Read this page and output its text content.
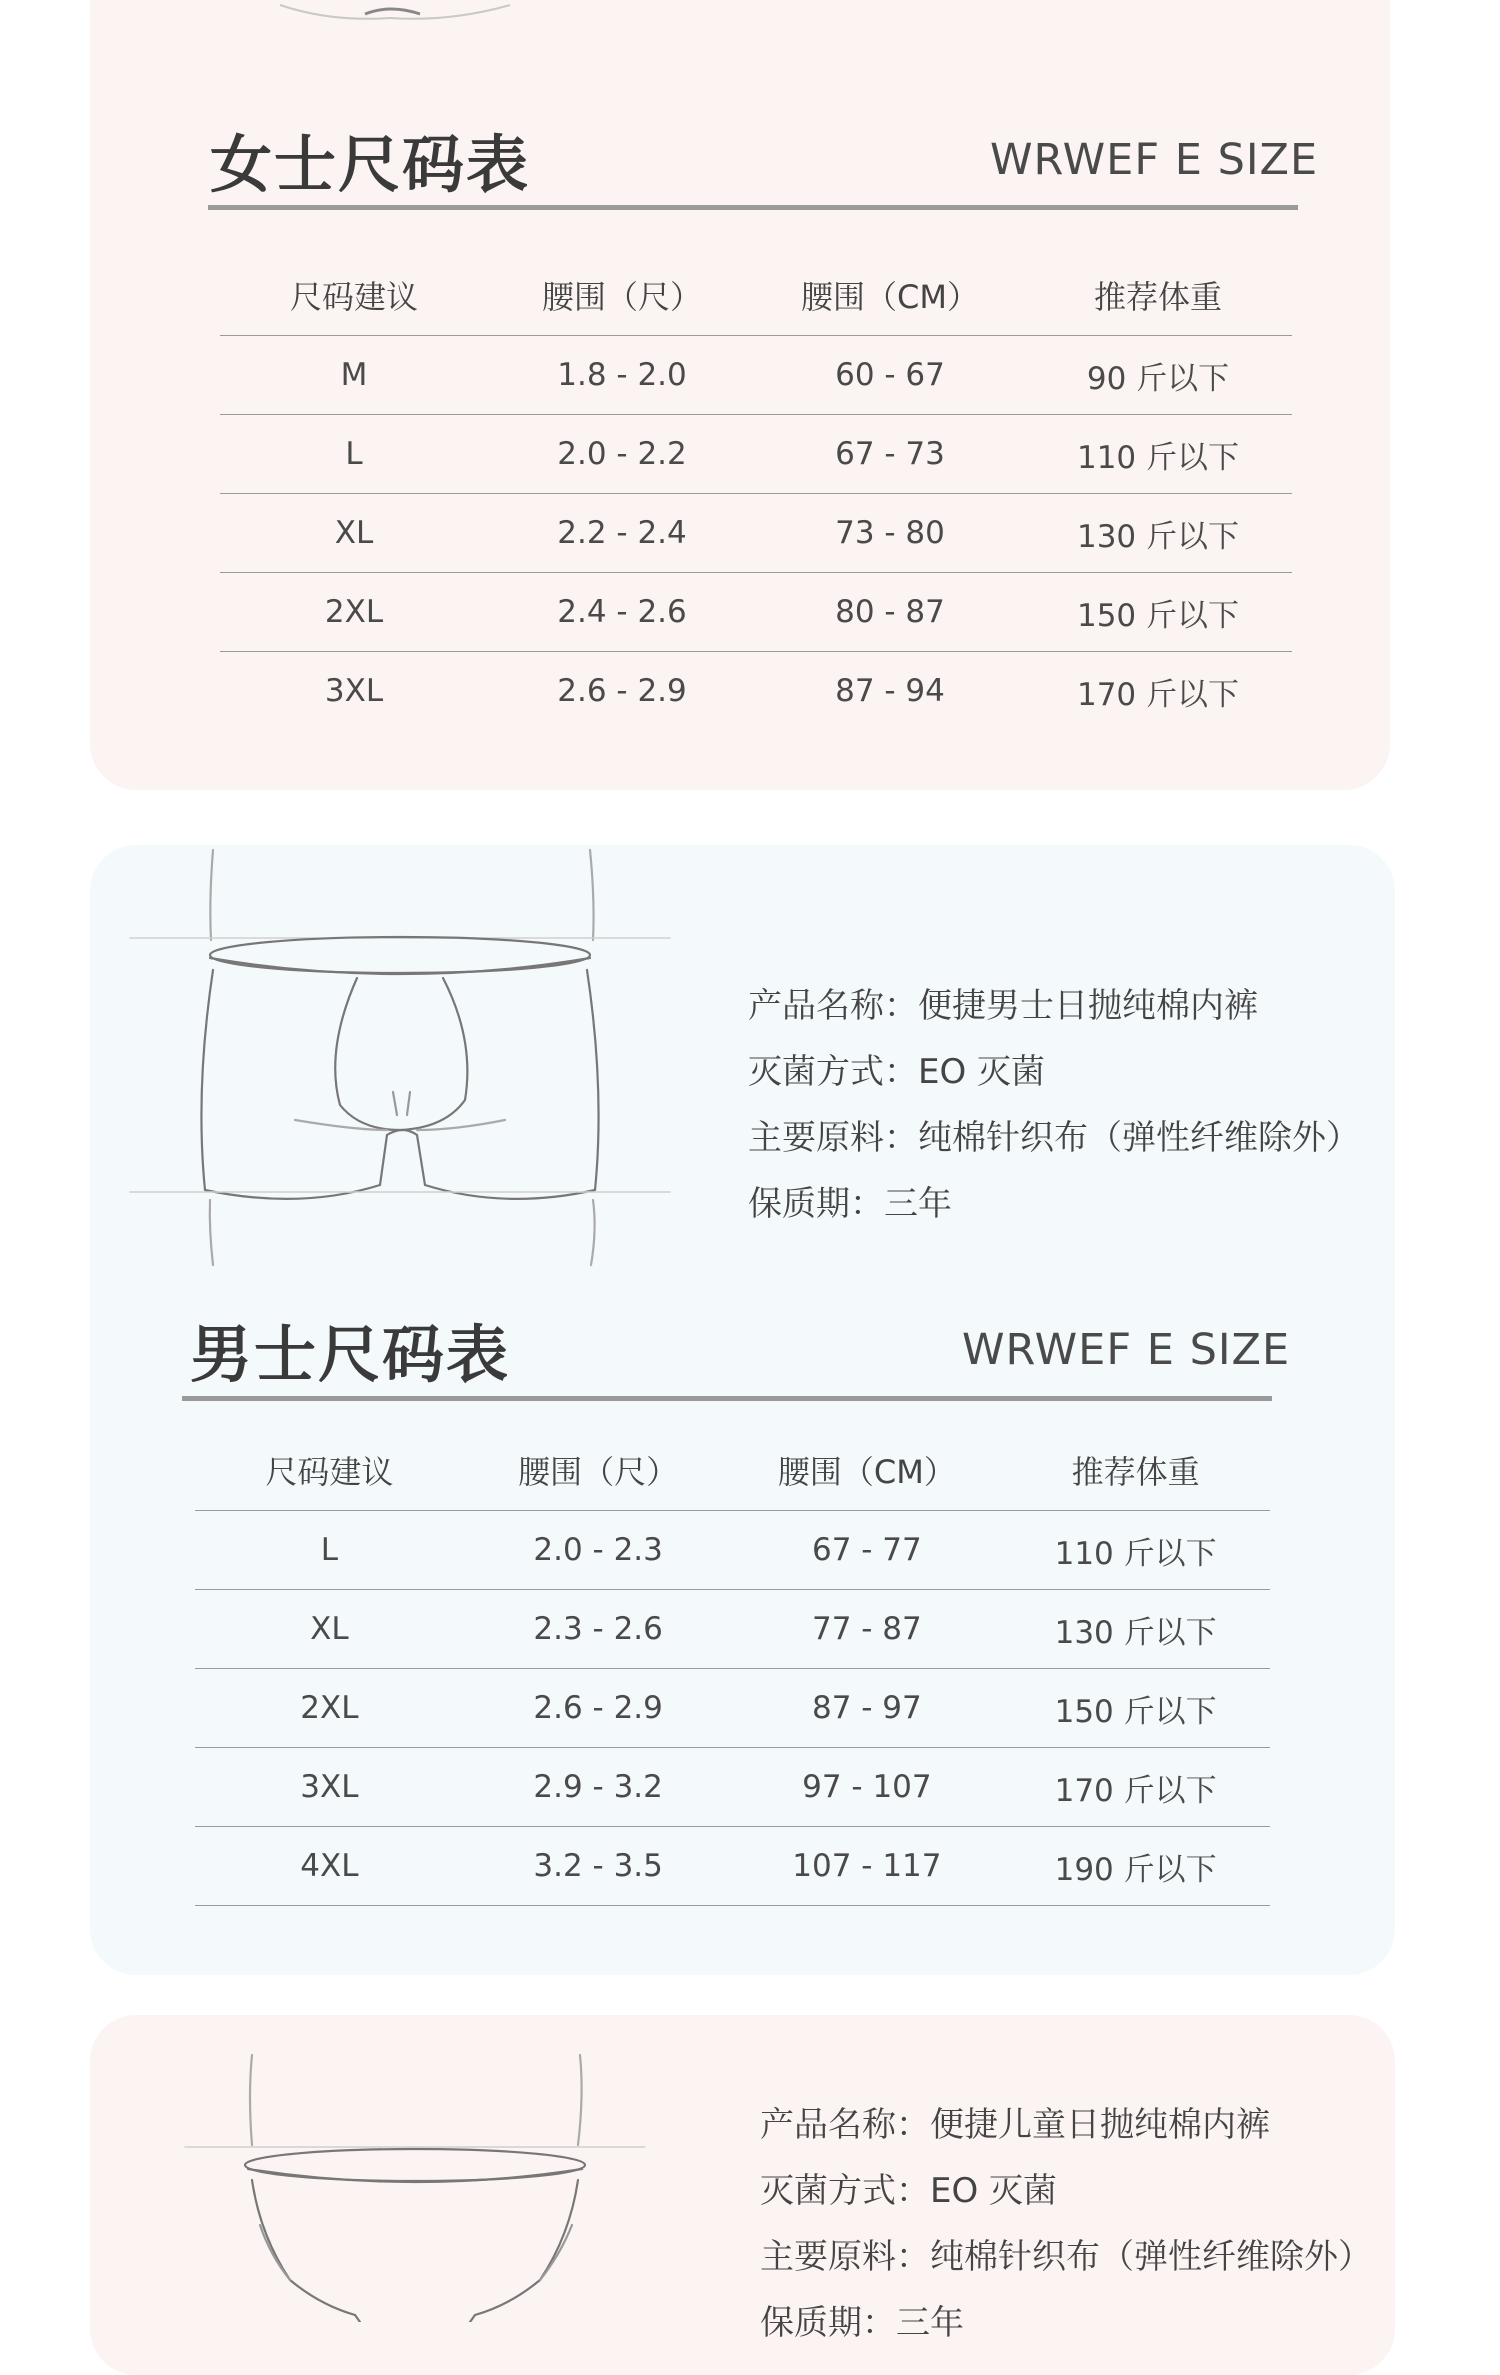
女士尺码表	WRWEF E SIZE
尺码建议	腰围（尺）	腰围（CM）	推荐体重
M	1.8 - 2.0	60 - 67	90 斤以下
L	2.0 - 2.2	67 - 73	110 斤以下
XL	2.2 - 2.4	73 - 80	130 斤以下
2XL	2.4 - 2.6	80 - 87	150 斤以下
3XL	2.6 - 2.9	87 - 94	170 斤以下
产品名称：便捷男士日抛纯棉内裤
灭菌方式：EO 灭菌
主要原料：纯棉针织布（弹性纤维除外）
保质期：三年
男士尺码表	WRWEF E SIZE
尺码建议	腰围（尺）	腰围（CM）	推荐体重
L	2.0 - 2.3	67 - 77	110 斤以下
XL	2.3 - 2.6	77 - 87	130 斤以下
2XL	2.6 - 2.9	87 - 97	150 斤以下
3XL	2.9 - 3.2	97 - 107	170 斤以下
4XL	3.2 - 3.5	107 - 117	190 斤以下
产品名称：便捷儿童日抛纯棉内裤
灭菌方式：EO 灭菌
主要原料：纯棉针织布（弹性纤维除外）
保质期：三年
